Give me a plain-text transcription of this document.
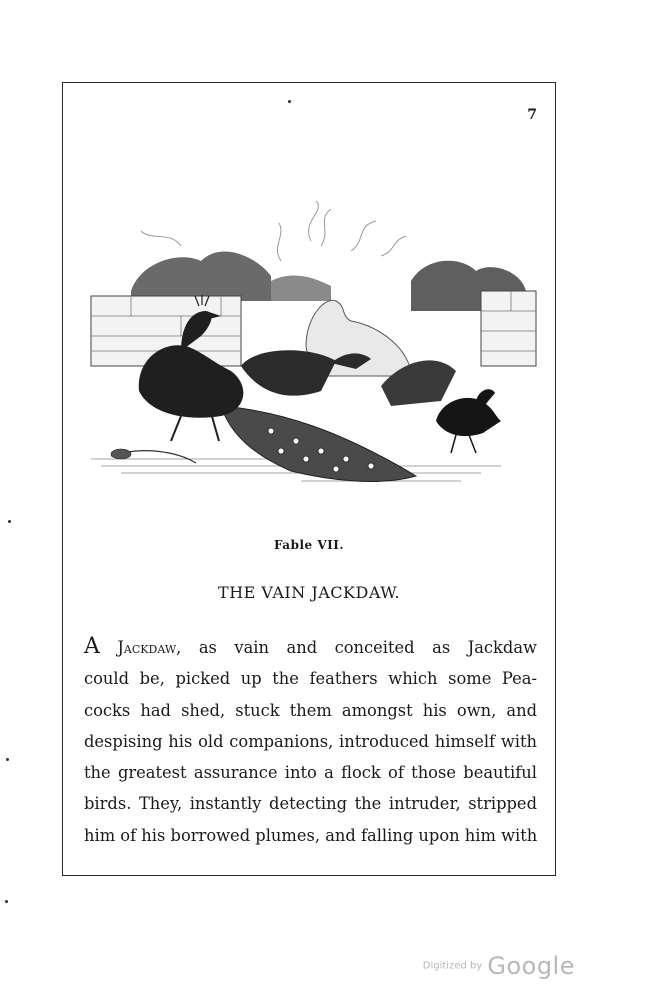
7
Fable VII.
THE VAIN JACKDAW.
A Jackdaw, as vain and conceited as Jackdaw
could be, picked up the feathers which some Pea-
cocks had shed, stuck them amongst his own, and
despising his old companions, introduced himself with
the greatest assurance into a flock of those beautiful
birds. They, instantly detecting the intruder, stripped
him of his borrowed plumes, and falling upon him with
Digitized by Google
